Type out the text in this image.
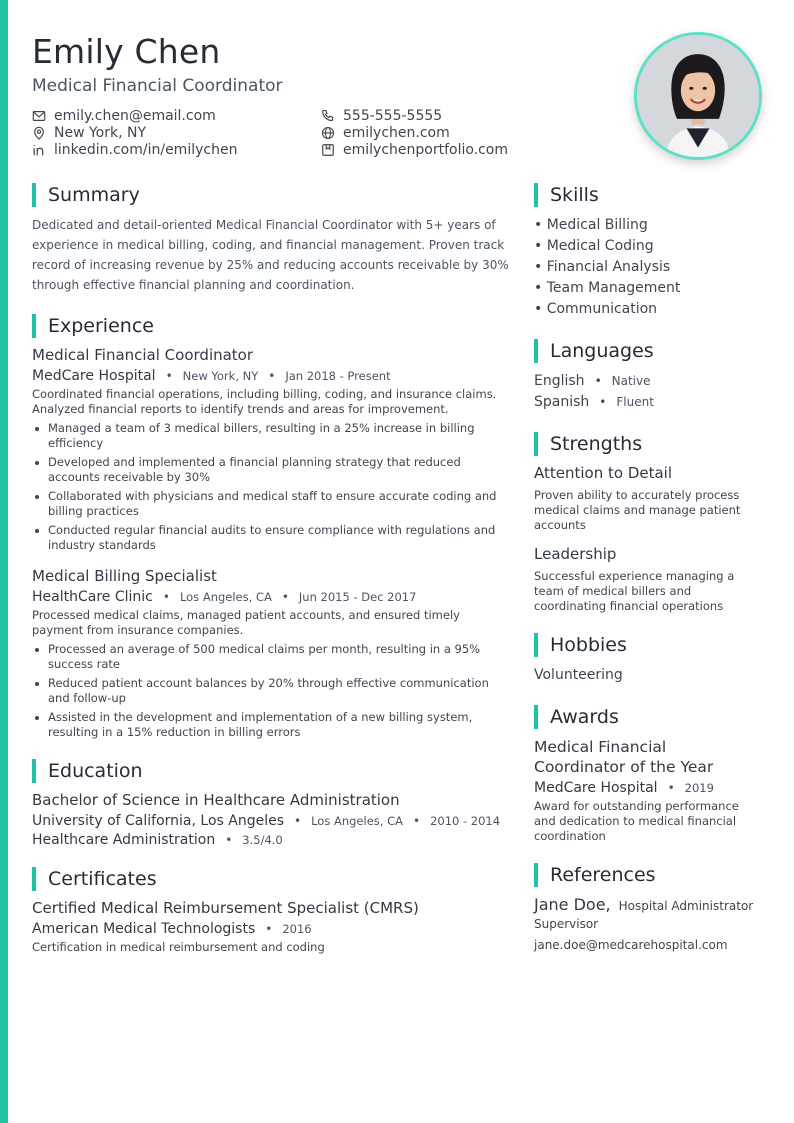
Emily Chen
Medical Financial Coordinator
emily.chen@email.com	555-555-5555
New York, NY	emilychen.com
linkedin.com/in/emilychen	emilychenportfolio.com
Summary

Dedicated and detail-oriented Medical Financial Coordinator with 5+ years of experience in medical billing, coding, and financial management. Proven track record of increasing revenue by 25% and reducing accounts receivable by 30% through effective financial planning and coordination.

Experience
Medical Financial Coordinator
MedCare Hospital • New York, NY • Jan 2018 - Present

Coordinated financial operations, including billing, coding, and insurance claims. Analyzed financial reports to identify trends and areas for improvement.

Managed a team of 3 medical billers, resulting in a 25% increase in billing efficiency
Developed and implemented a financial planning strategy that reduced accounts receivable by 30%
Collaborated with physicians and medical staff to ensure accurate coding and billing practices
Conducted regular financial audits to ensure compliance with regulations and industry standards
Medical Billing Specialist
HealthCare Clinic • Los Angeles, CA • Jun 2015 - Dec 2017

Processed medical claims, managed patient accounts, and ensured timely payment from insurance companies.

Processed an average of 500 medical claims per month, resulting in a 95% success rate
Reduced patient account balances by 20% through effective communication and follow-up
Assisted in the development and implementation of a new billing system, resulting in a 15% reduction in billing errors
Education
Bachelor of Science in Healthcare Administration
University of California, Los Angeles • Los Angeles, CA • 2010 - 2014
Healthcare Administration • 3.5/4.0
Certificates
Certified Medical Reimbursement Specialist (CMRS)
American Medical Technologists • 2016

Certification in medical reimbursement and coding

Skills
• Medical Billing
• Medical Coding
• Financial Analysis
• Team Management
• Communication
Languages
English • Native
Spanish • Fluent
Strengths
Attention to Detail

Proven ability to accurately process medical claims and manage patient accounts

Leadership

Successful experience managing a team of medical billers and coordinating financial operations

Hobbies
Volunteering
Awards
Medical Financial Coordinator of the Year
MedCare Hospital • 2019

Award for outstanding performance and dedication to medical financial coordination

References
Jane Doe, Hospital Administrator
Supervisor
jane.doe@medcarehospital.com
